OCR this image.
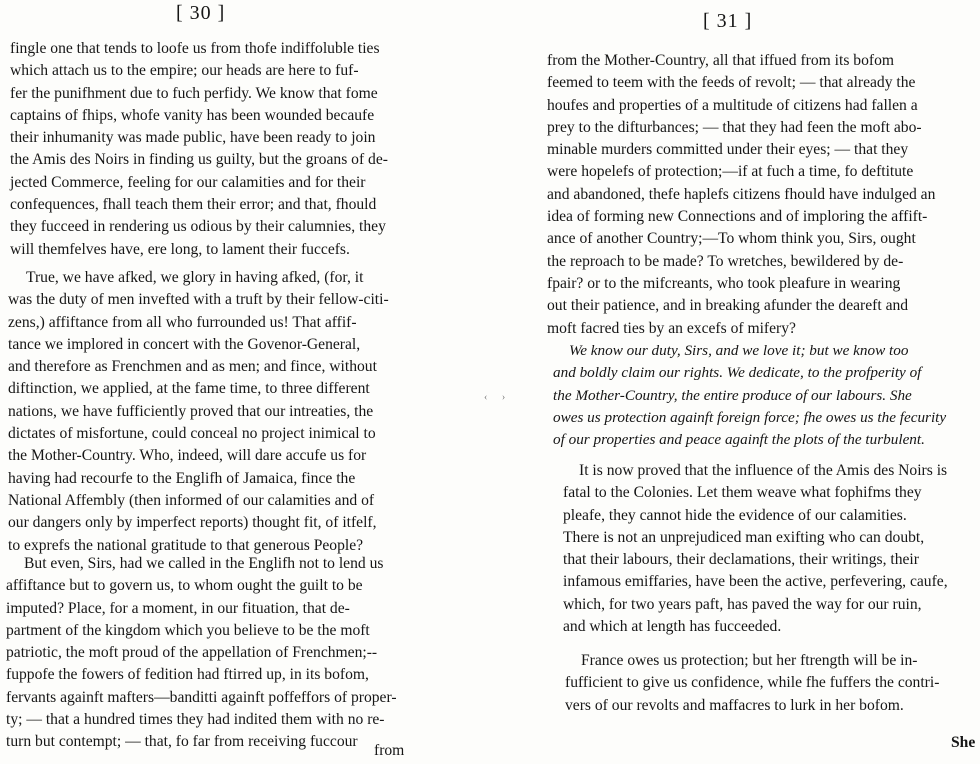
[ 30 ]

fingle one that tends to loofe us from thofe indiffoluble ties
which attach us to the empire; our heads are here to fuf-
fer the punifhment due to fuch perfidy. We know that fome
captains of fhips, whofe vanity has been wounded becaufe
their inhumanity was made public, have been ready to join
the Amis des Noirs in finding us guilty, but the groans of de-
jected Commerce, feeling for our calamities and for their
confequences, fhall teach them their error; and that, fhould
they fucceed in rendering us odious by their calumnies, they
will themfelves have, ere long, to lament their fuccefs.

True, we have afked, we glory in having afked, (for, it
was the duty of men invefted with a truft by their fellow-citi-
zens,) affiftance from all who furrounded us! That affif-
tance we implored in concert with the Govenor-General,
and therefore as Frenchmen and as men; and fince, without
diftinction, we applied, at the fame time, to three different
nations, we have fufficiently proved that our intreaties, the
dictates of misfortune, could conceal no project inimical to
the Mother-Country. Who, indeed, will dare accufe us for
having had recourfe to the Englifh of Jamaica, fince the
National Affembly (then informed of our calamities and of
our dangers only by imperfect reports) thought fit, of itfelf,
to exprefs the national gratitude to that generous People?

But even, Sirs, had we called in the Englifh not to lend us
affiftance but to govern us, to whom ought the guilt to be
imputed? Place, for a moment, in our fituation, that de-
partment of the kingdom which you believe to be the moft
patriotic, the moft proud of the appellation of Frenchmen;--
fuppofe the fowers of fedition had ftirred up, in its bofom,
fervants againft mafters—banditti againft poffeffors of proper-
ty; — that a hundred times they had indited them with no re-
turn but contempt; — that, fo far from receiving fuccour

from
‹ ›
[ 31 ]

from the Mother-Country, all that iffued from its bofom
feemed to teem with the feeds of revolt; — that already the
houfes and properties of a multitude of citizens had fallen a
prey to the difturbances; — that they had feen the moft abo-
minable murders committed under their eyes; — that they
were hopelefs of protection;—if at fuch a time, fo deftitute
and abandoned, thefe haplefs citizens fhould have indulged an
idea of forming new Connections and of imploring the affift-
ance of another Country;—To whom think you, Sirs, ought
the reproach to be made? To wretches, bewildered by de-
fpair? or to the mifcreants, who took pleafure in wearing
out their patience, and in breaking afunder the deareft and
moft facred ties by an excefs of mifery?

We know our duty, Sirs, and we love it; but we know too
and boldly claim our rights. We dedicate, to the profperity of
the Mother-Country, the entire produce of our labours. She
owes us protection againft foreign force; fhe owes us the fecurity
of our properties and peace againft the plots of the turbulent.

It is now proved that the influence of the Amis des Noirs is
fatal to the Colonies. Let them weave what fophifms they
pleafe, they cannot hide the evidence of our calamities.
There is not an unprejudiced man exifting who can doubt,
that their labours, their declamations, their writings, their
infamous emiffaries, have been the active, perfevering, caufe,
which, for two years paft, has paved the way for our ruin,
and which at length has fucceeded.

France owes us protection; but her ftrength will be in-
fufficient to give us confidence, while fhe fuffers the contri-
vers of our revolts and maffacres to lurk in her bofom.

She
